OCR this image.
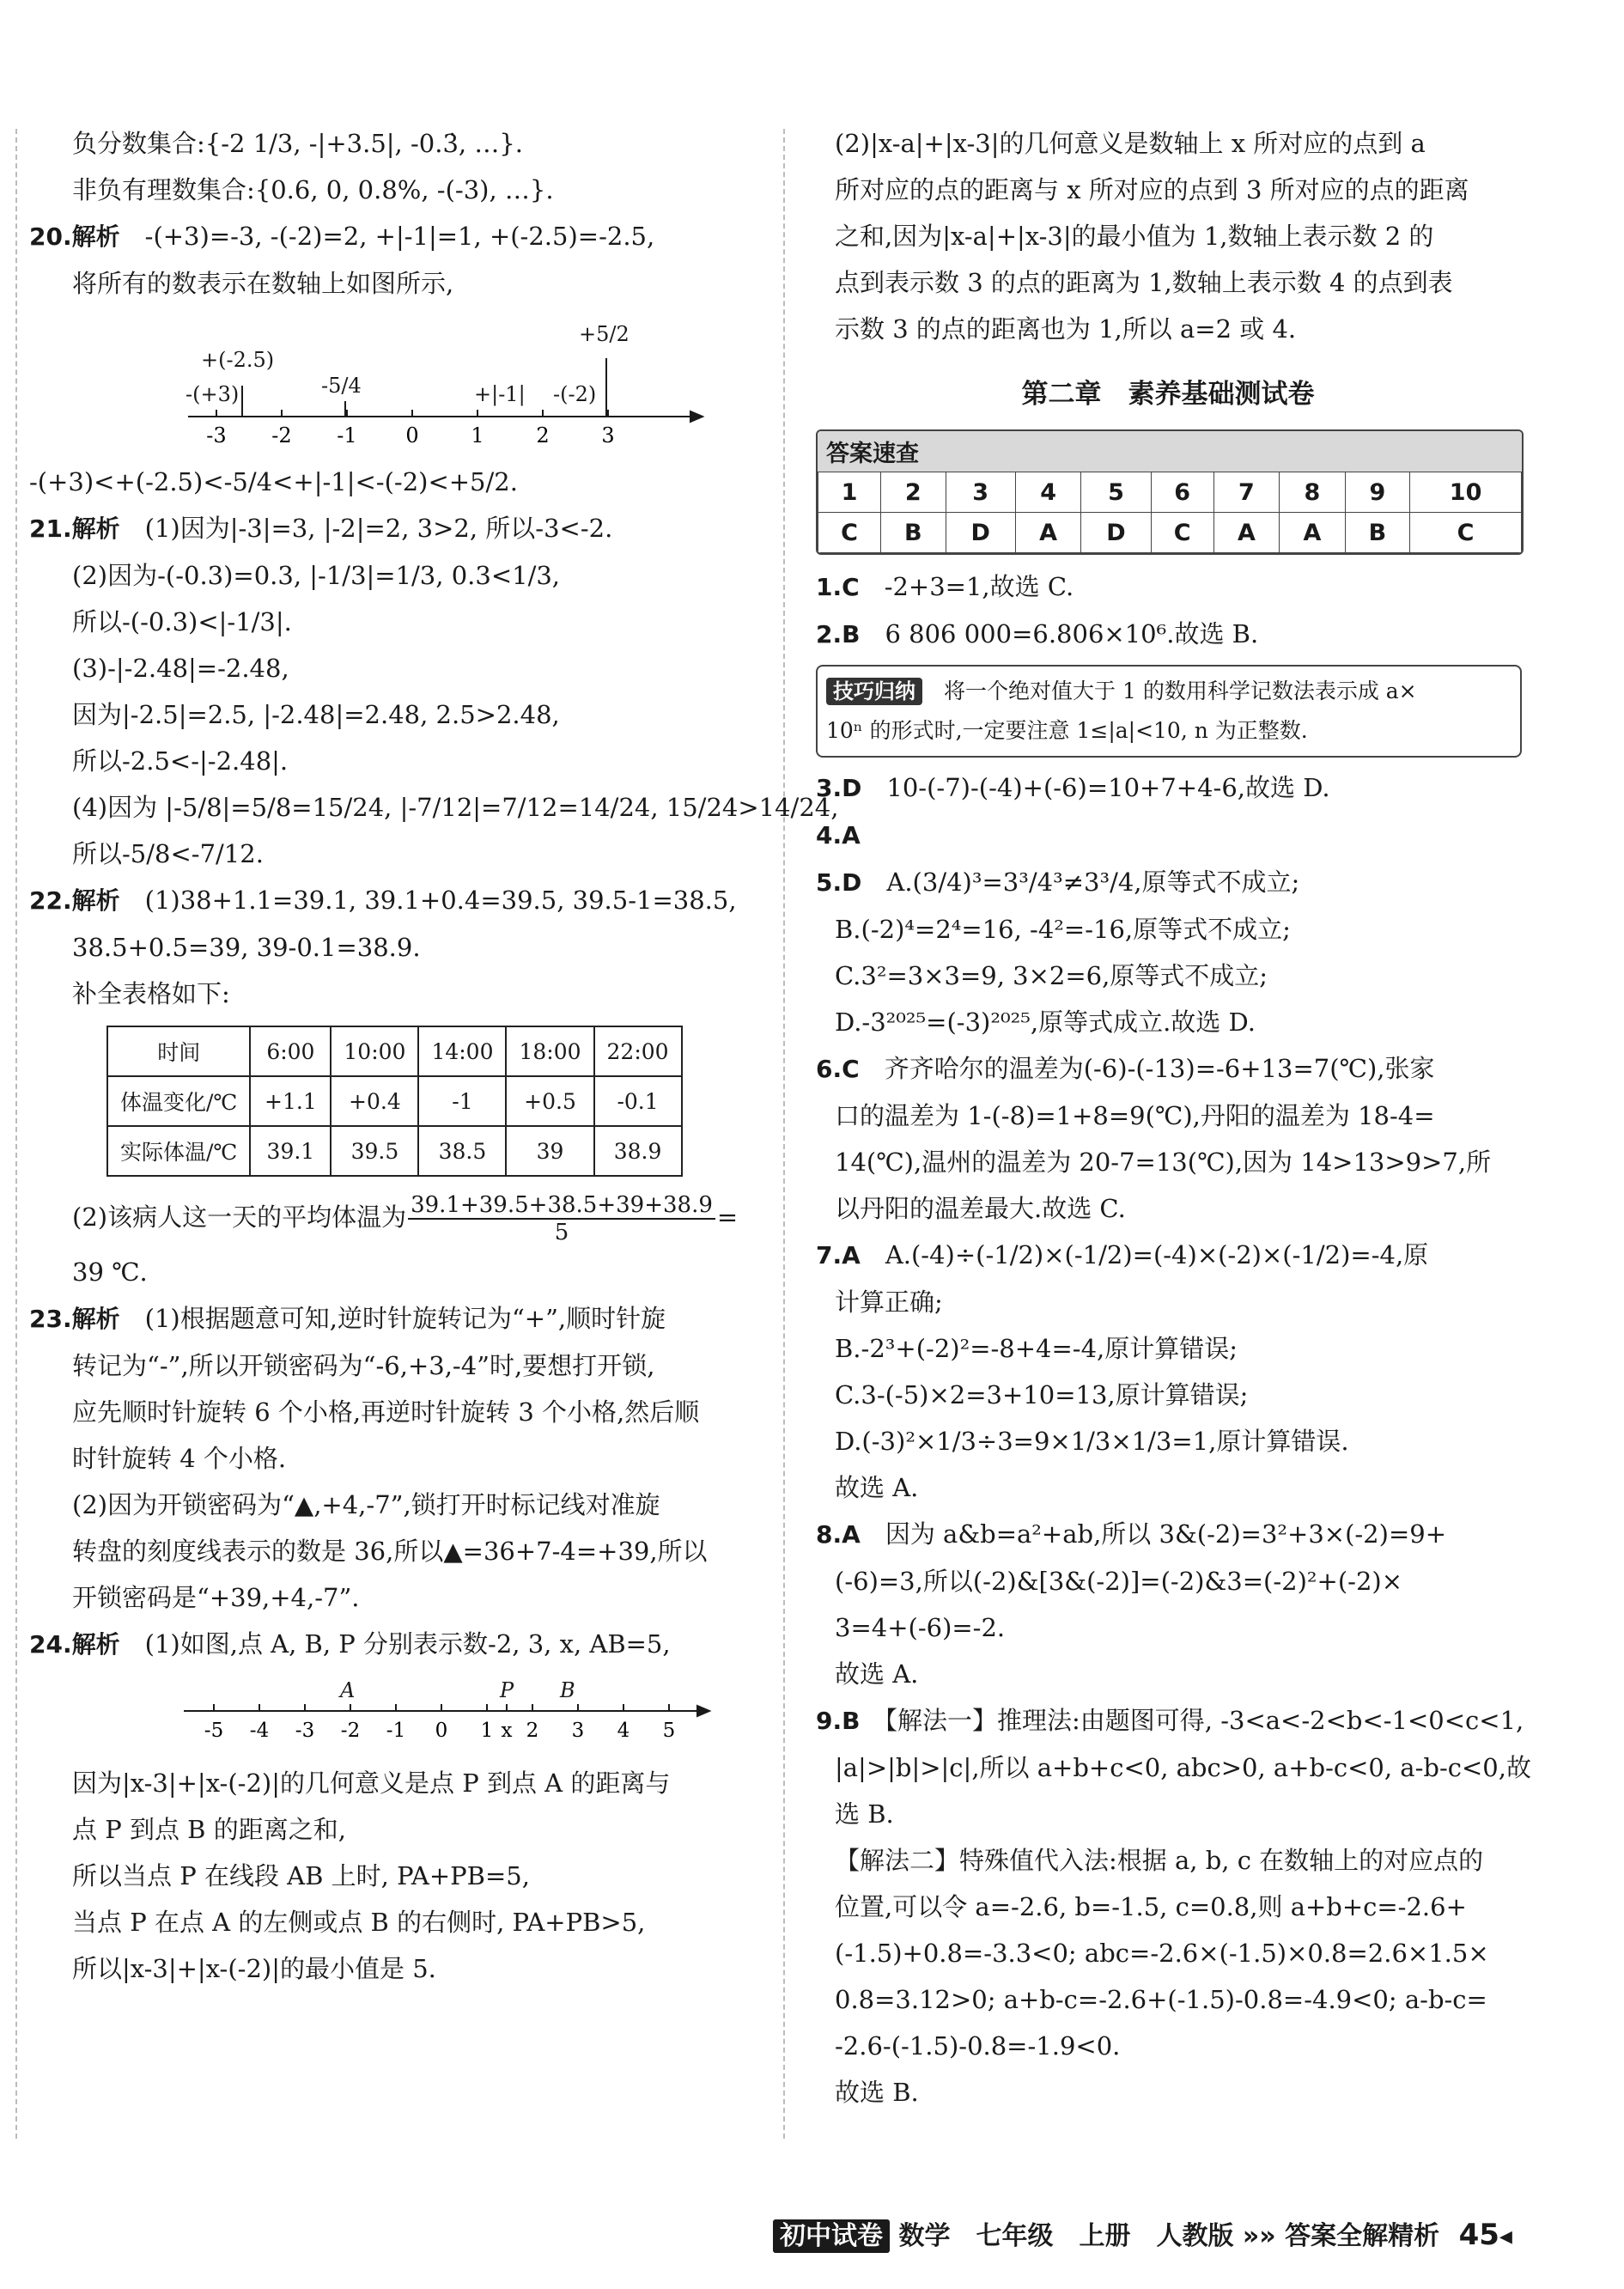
负分数集合:{-2 1/3, -|+3.5|, -0.3̇, …}.
非负有理数集合:{0.6, 0, 0.8%, -(-3), …}.
20.解析　 -(+3)=-3, -(-2)=2, +|-1|=1, +(-2.5)=-2.5,
将所有的数表示在数轴上如图所示,
-3 -2 -1 0	1	2	3
+(-2.5)
-(+3)	-5/4	+|-1| -(-2)
+5/2
-(+3)<+(-2.5)<-5/4<+|-1|<-(-2)<+5/2.
21.解析　 (1)因为|-3|=3, |-2|=2, 3>2, 所以-3<-2.
(2)因为-(-0.3)=0.3, |-1/3|=1/3, 0.3<1/3,
所以-(-0.3)<|-1/3|.
(3)-|-2.48|=-2.48,
因为|-2.5|=2.5, |-2.48|=2.48, 2.5>2.48,
所以-2.5<-|-2.48|.
(4)因为 |-5/8|=5/8=15/24, |-7/12|=7/12=14/24, 15/24>14/24,
所以-5/8<-7/12.
22.解析　 (1)38+1.1=39.1, 39.1+0.4=39.5, 39.5-1=38.5,
38.5+0.5=39, 39-0.1=38.9.
补全表格如下:
时间	6:00	10:00	14:00	18:00	22:00
体温变化/℃	+1.1	+0.4	-1	+0.5	-0.1
实际体温/℃	39.1	39.5	38.5	39	38.9
(2)该病人这一天的平均体温为 $\frac{39.1+39.5+38.5+39+38.9}{5}$ =
39 ℃.
23.解析　 (1)根据题意可知,逆时针旋转记为“+”,顺时针旋
转记为“-”,所以开锁密码为“-6,+3,-4”时,要想打开锁,
应先顺时针旋转 6 个小格,再逆时针旋转 3 个小格,然后顺
时针旋转 4 个小格.
(2)因为开锁密码为“▲,+4,-7”,锁打开时标记线对准旋
转盘的刻度线表示的数是 36,所以▲=36+7-4=+39,所以
开锁密码是“+39,+4,-7”.
24.解析　 (1)如图,点 A, B, P 分别表示数-2, 3, x, AB=5,
-5 -4 -3 -2 -1 0 1 x 2 3 4 5
A	P B
因为|x-3|+|x-(-2)|的几何意义是点 P 到点 A 的距离与
点 P 到点 B 的距离之和,
所以当点 P 在线段 AB 上时, PA+PB=5,
当点 P 在点 A 的左侧或点 B 的右侧时, PA+PB>5,
所以|x-3|+|x-(-2)|的最小值是 5.
(2)|x-a|+|x-3|的几何意义是数轴上 x 所对应的点到 a
所对应的点的距离与 x 所对应的点到 3 所对应的点的距离
之和,因为|x-a|+|x-3|的最小值为 1,数轴上表示数 2 的
点到表示数 3 的点的距离为 1,数轴上表示数 4 的点到表
示数 3 的点的距离也为 1,所以 a=2 或 4.
第二章　素养基础测试卷
答案速查
1	2	3	4	5	6	7	8	9	10
C	B	D	A	D	C	A	A	B	C
1.C　 -2+3=1,故选 C.
2.B　 6 806 000=6.806×10⁶.故选 B.
技巧归纳　 将一个绝对值大于 1 的数用科学记数法表示成 a×
10ⁿ 的形式时,一定要注意 1≤|a|<10, n 为正整数.
3.D　 10-(-7)-(-4)+(-6)=10+7+4-6,故选 D.
4.A
5.D　 A.(3/4)³=3³/4³≠3³/4,原等式不成立;
B.(-2)⁴=2⁴=16, -4²=-16,原等式不成立;
C.3²=3×3=9, 3×2=6,原等式不成立;
D.-3²⁰²⁵=(-3)²⁰²⁵,原等式成立.故选 D.
6.C　 齐齐哈尔的温差为(-6)-(-13)=-6+13=7(℃),张家
口的温差为 1-(-8)=1+8=9(℃),丹阳的温差为 18-4=
14(℃),温州的温差为 20-7=13(℃),因为 14>13>9>7,所
以丹阳的温差最大.故选 C.
7.A　 A.(-4)÷(-1/2)×(-1/2)=(-4)×(-2)×(-1/2)=-4,原
计算正确;
B.-2³+(-2)²=-8+4=-4,原计算错误;
C.3-(-5)×2=3+10=13,原计算错误;
D.(-3)²×1/3÷3=9×1/3×1/3=1,原计算错误.
故选 A.
8.A　 因为 a&b=a²+ab,所以 3&(-2)=3²+3×(-2)=9+
(-6)=3,所以(-2)&[3&(-2)]=(-2)&3=(-2)²+(-2)×
3=4+(-6)=-2.
故选 A.
9.B　 【解法一】推理法:由题图可得, -3<a<-2<b<-1<0<c<1,
|a|>|b|>|c|,所以 a+b+c<0, abc>0, a+b-c<0, a-b-c<0,故
选 B.
【解法二】特殊值代入法:根据 a, b, c 在数轴上的对应点的
位置,可以令 a=-2.6, b=-1.5, c=0.8,则 a+b+c=-2.6+
(-1.5)+0.8=-3.3<0; abc=-2.6×(-1.5)×0.8=2.6×1.5×
0.8=3.12>0; a+b-c=-2.6+(-1.5)-0.8=-4.9<0; a-b-c=
-2.6-(-1.5)-0.8=-1.9<0.
故选 B.
初中试卷 数学　七年级　上册　人教版 »» 答案全解精析 45◂
